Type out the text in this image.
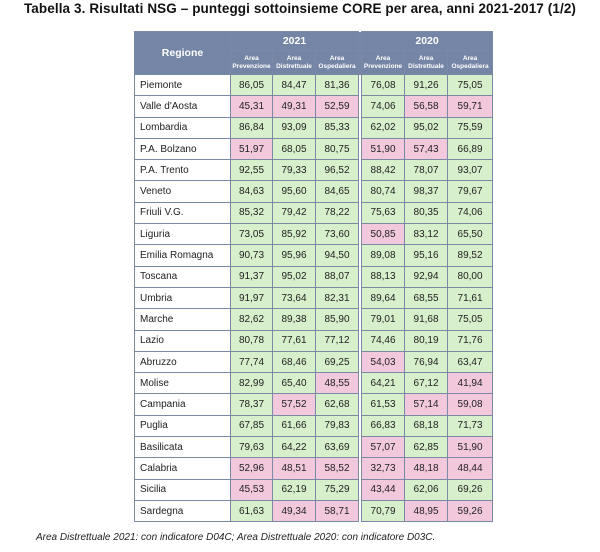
Tabella 3. Risultati NSG – punteggi sottoinsieme CORE per area, anni 2021-2017 (1/2)
Regione	2021				2020		
	Area Prevenzione	Area Distrettuale	Area Ospedaliera		Area Prevenzione	Area Distrettuale	Area Ospedaliera
Piemonte	86,05	84,47	81,36		76,08	91,26	75,05
Valle d'Aosta	45,31	49,31	52,59		74,06	56,58	59,71
Lombardia	86,84	93,09	85,33		62,02	95,02	75,59
P.A. Bolzano	51,97	68,05	80,75		51,90	57,43	66,89
P.A. Trento	92,55	79,33	96,52		88,42	78,07	93,07
Veneto	84,63	95,60	84,65		80,74	98,37	79,67
Friuli V.G.	85,32	79,42	78,22		75,63	80,35	74,06
Liguria	73,05	85,92	73,60		50,85	83,12	65,50
Emilia Romagna	90,73	95,96	94,50		89,08	95,16	89,52
Toscana	91,37	95,02	88,07		88,13	92,94	80,00
Umbria	91,97	73,64	82,31		89,64	68,55	71,61
Marche	82,62	89,38	85,90		79,01	91,68	75,05
Lazio	80,78	77,61	77,12		74,46	80,19	71,76
Abruzzo	77,74	68,46	69,25		54,03	76,94	63,47
Molise	82,99	65,40	48,55		64,21	67,12	41,94
Campania	78,37	57,52	62,68		61,53	57,14	59,08
Puglia	67,85	61,66	79,83		66,83	68,18	71,73
Basilicata	79,63	64,22	63,69		57,07	62,85	51,90
Calabria	52,96	48,51	58,52		32,73	48,18	48,44
Sicilia	45,53	62,19	75,29		43,44	62,06	69,26
Sardegna	61,63	49,34	58,71		70,79	48,95	59,26
Area Distrettuale 2021: con indicatore D04C; Area Distrettuale 2020: con indicatore D03C.
